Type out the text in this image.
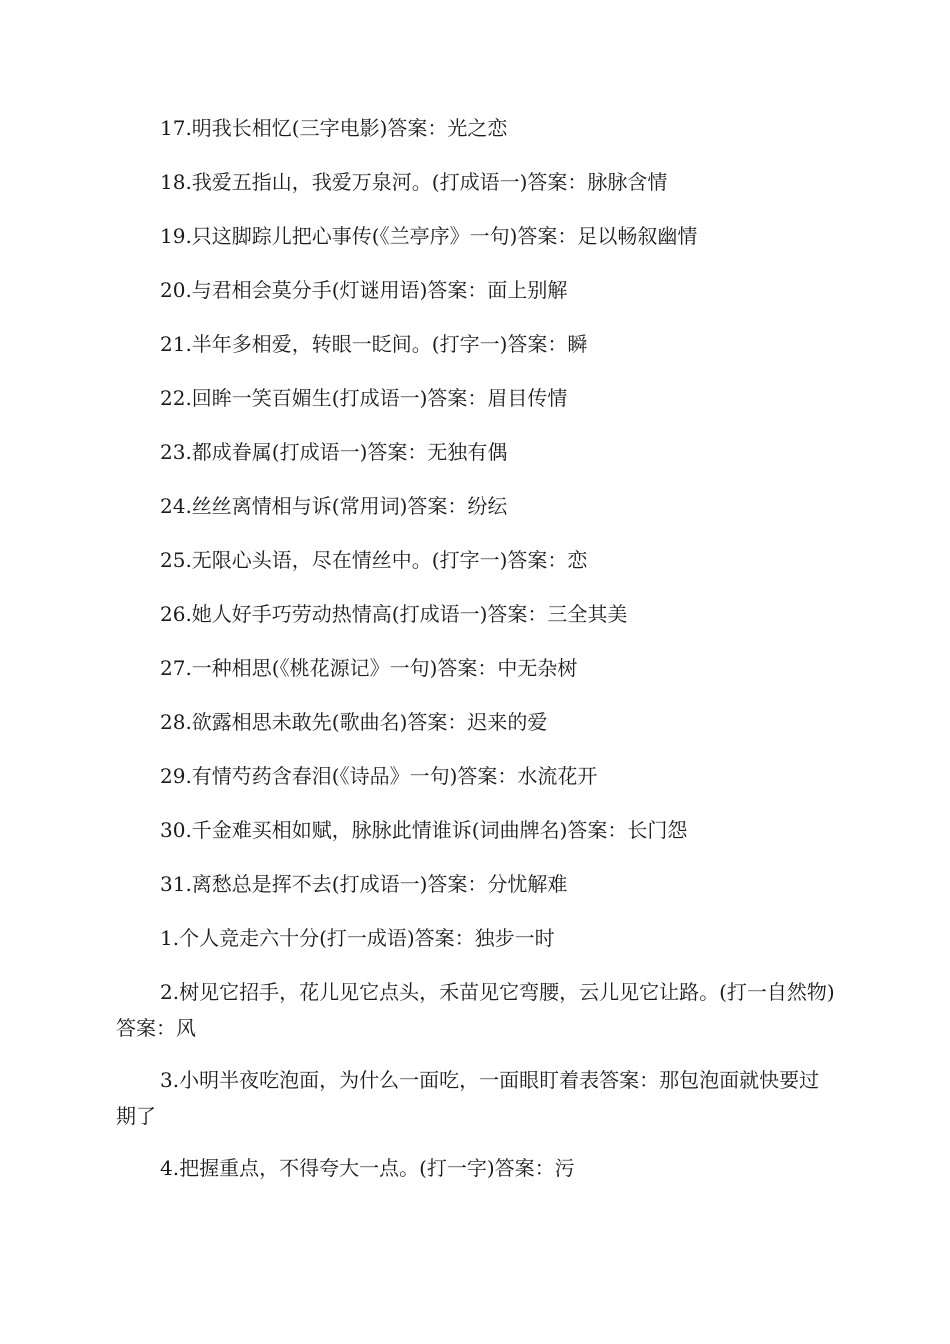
17.明我长相忆(三字电影)答案：光之恋

18.我爱五指山，我爱万泉河。(打成语一)答案：脉脉含情

19.只这脚踪儿把心事传(《兰亭序》一句)答案：足以畅叙幽情

20.与君相会莫分手(灯谜用语)答案：面上别解

21.半年多相爱，转眼一眨间。(打字一)答案：瞬

22.回眸一笑百媚生(打成语一)答案：眉目传情

23.都成眷属(打成语一)答案：无独有偶

24.丝丝离情相与诉(常用词)答案：纷纭

25.无限心头语，尽在情丝中。(打字一)答案：恋

26.她人好手巧劳动热情高(打成语一)答案：三全其美

27.一种相思(《桃花源记》一句)答案：中无杂树

28.欲露相思未敢先(歌曲名)答案：迟来的爱

29.有情芍药含春泪(《诗品》一句)答案：水流花开

30.千金难买相如赋，脉脉此情谁诉(词曲牌名)答案：长门怨

31.离愁总是挥不去(打成语一)答案：分忧解难

1.个人竞走六十分(打一成语)答案：独步一时

2.树见它招手，花儿见它点头，禾苗见它弯腰，云儿见它让路。(打一自然物)答案：风

3.小明半夜吃泡面，为什么一面吃，一面眼盯着表答案：那包泡面就快要过期了

4.把握重点，不得夸大一点。(打一字)答案：污
